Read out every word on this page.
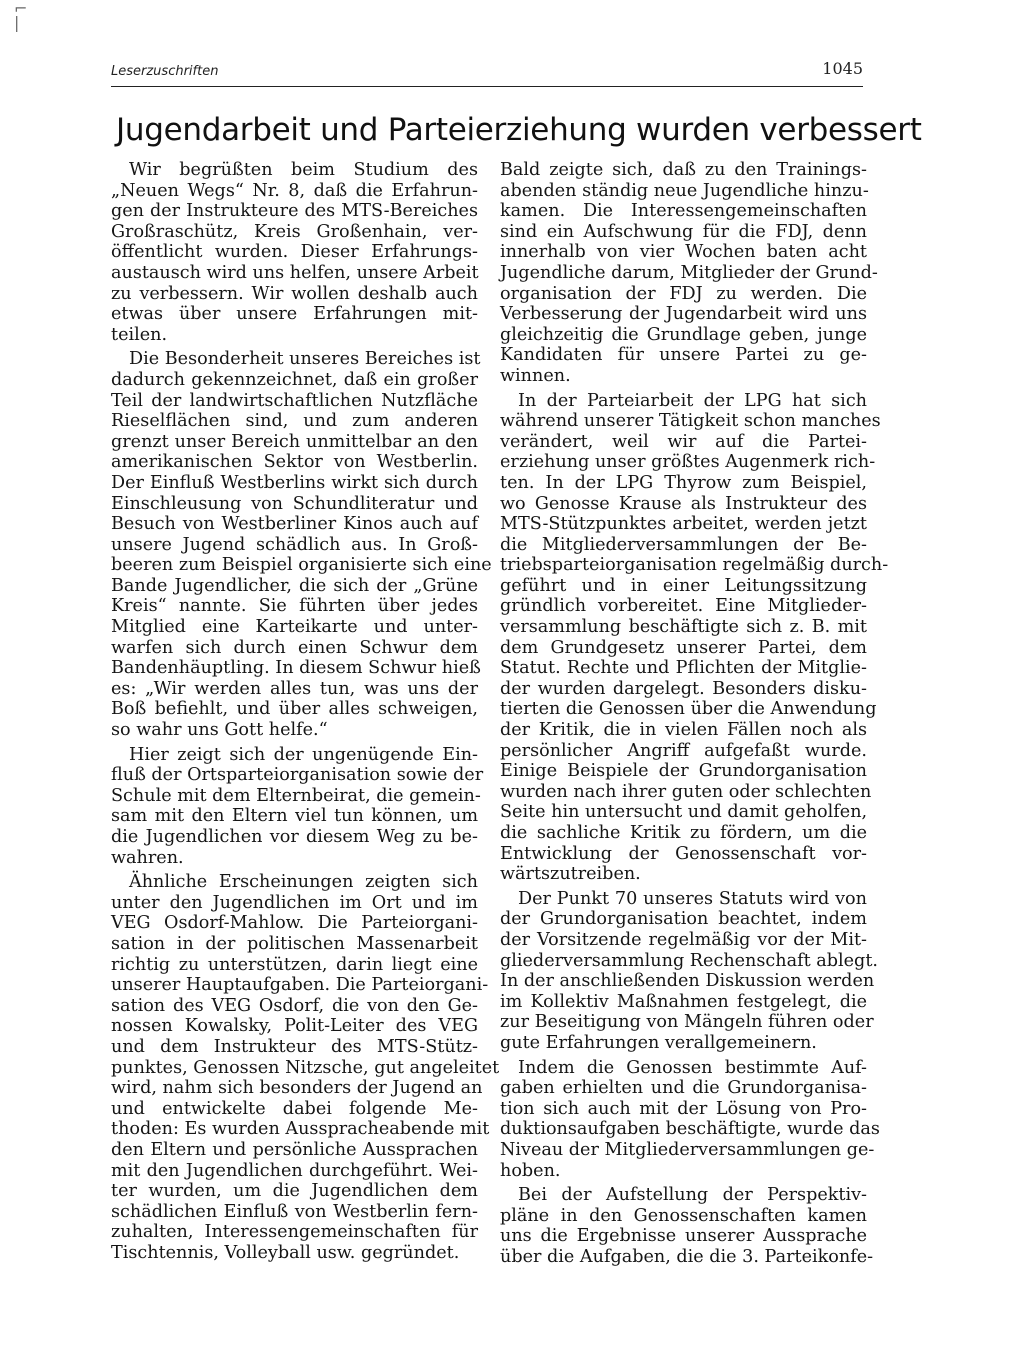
⌐
|
Leserzuschriften	1045
Jugendarbeit und Parteierziehung wurden verbessert

Wir begrüßten beim Studium des
„Neuen Wegs“ Nr. 8, daß die Erfahrun-
gen der Instrukteure des MTS-Bereiches
Großraschütz, Kreis Großenhain, ver-
öffentlicht wurden. Dieser Erfahrungs-
austausch wird uns helfen, unsere Arbeit
zu verbessern. Wir wollen deshalb auch
etwas über unsere Erfahrungen mit-
teilen.

Die Besonderheit unseres Bereiches ist
dadurch gekennzeichnet, daß ein großer
Teil der landwirtschaftlichen Nutzfläche
Rieselflächen sind, und zum anderen
grenzt unser Bereich unmittelbar an den
amerikanischen Sektor von Westberlin.
Der Einfluß Westberlins wirkt sich durch
Einschleusung von Schundliteratur und
Besuch von Westberliner Kinos auch auf
unsere Jugend schädlich aus. In Groß-
beeren zum Beispiel organisierte sich eine
Bande Jugendlicher, die sich der „Grüne
Kreis“ nannte. Sie führten über jedes
Mitglied eine Karteikarte und unter-
warfen sich durch einen Schwur dem
Bandenhäuptling. In diesem Schwur hieß
es: „Wir werden alles tun, was uns der
Boß befiehlt, und über alles schweigen,
so wahr uns Gott helfe.“

Hier zeigt sich der ungenügende Ein-
fluß der Ortsparteiorganisation sowie der
Schule mit dem Elternbeirat, die gemein-
sam mit den Eltern viel tun können, um
die Jugendlichen vor diesem Weg zu be-
wahren.

Ähnliche Erscheinungen zeigten sich
unter den Jugendlichen im Ort und im
VEG Osdorf-Mahlow. Die Parteiorgani-
sation in der politischen Massenarbeit
richtig zu unterstützen, darin liegt eine
unserer Hauptaufgaben. Die Parteiorgani-
sation des VEG Osdorf, die von den Ge-
nossen Kowalsky, Polit-Leiter des VEG
und dem Instrukteur des MTS-Stütz-
punktes, Genossen Nitzsche, gut angeleitet
wird, nahm sich besonders der Jugend an
und entwickelte dabei folgende Me-
thoden: Es wurden Aussprachеabende mit
den Eltern und persönliche Aussprachen
mit den Jugendlichen durchgeführt. Wei-
ter wurden, um die Jugendlichen dem
schädlichen Einfluß von Westberlin fern-
zuhalten, Interessengemeinschaften für
Tischtennis, Volleyball usw. gegründet.

Bald zeigte sich, daß zu den Trainings-
abenden ständig neue Jugendliche hinzu-
kamen. Die Interessengemeinschaften
sind ein Aufschwung für die FDJ, denn
innerhalb von vier Wochen baten acht
Jugendliche darum, Mitglieder der Grund-
organisation der FDJ zu werden. Die
Verbesserung der Jugendarbeit wird uns
gleichzeitig die Grundlage geben, junge
Kandidaten für unsere Partei zu ge-
winnen.

In der Parteiarbeit der LPG hat sich
während unserer Tätigkeit schon manches
verändert, weil wir auf die Partei-
erziehung unser größtes Augenmerk rich-
ten. In der LPG Thyrow zum Beispiel,
wo Genosse Krause als Instrukteur des
MTS-Stützpunktes arbeitet, werden jetzt
die Mitgliederversammlungen der Be-
triebsparteiorganisation regelmäßig durch-
geführt und in einer Leitungssitzung
gründlich vorbereitet. Eine Mitglieder-
versammlung beschäftigte sich z. B. mit
dem Grundgesetz unserer Partei, dem
Statut. Rechte und Pflichten der Mitglie-
der wurden dargelegt. Besonders disku-
tierten die Genossen über die Anwendung
der Kritik, die in vielen Fällen noch als
persönlicher Angriff aufgefaßt wurde.
Einige Beispiele der Grundorganisation
wurden nach ihrer guten oder schlechten
Seite hin untersucht und damit geholfen,
die sachliche Kritik zu fördern, um die
Entwicklung der Genossenschaft vor-
wärtszutreiben.

Der Punkt 70 unseres Statuts wird von
der Grundorganisation beachtet, indem
der Vorsitzende regelmäßig vor der Mit-
gliederversammlung Rechenschaft ablegt.
In der anschließenden Diskussion werden
im Kollektiv Maßnahmen festgelegt, die
zur Beseitigung von Mängeln führen oder
gute Erfahrungen verallgemeinern.

Indem die Genossen bestimmte Auf-
gaben erhielten und die Grundorganisa-
tion sich auch mit der Lösung von Pro-
duktionsaufgaben beschäftigte, wurde das
Niveau der Mitgliederversammlungen ge-
hoben.

Bei der Aufstellung der Perspektiv-
pläne in den Genossenschaften kamen
uns die Ergebnisse unserer Aussprache
über die Aufgaben, die die 3. Parteikonfe-
